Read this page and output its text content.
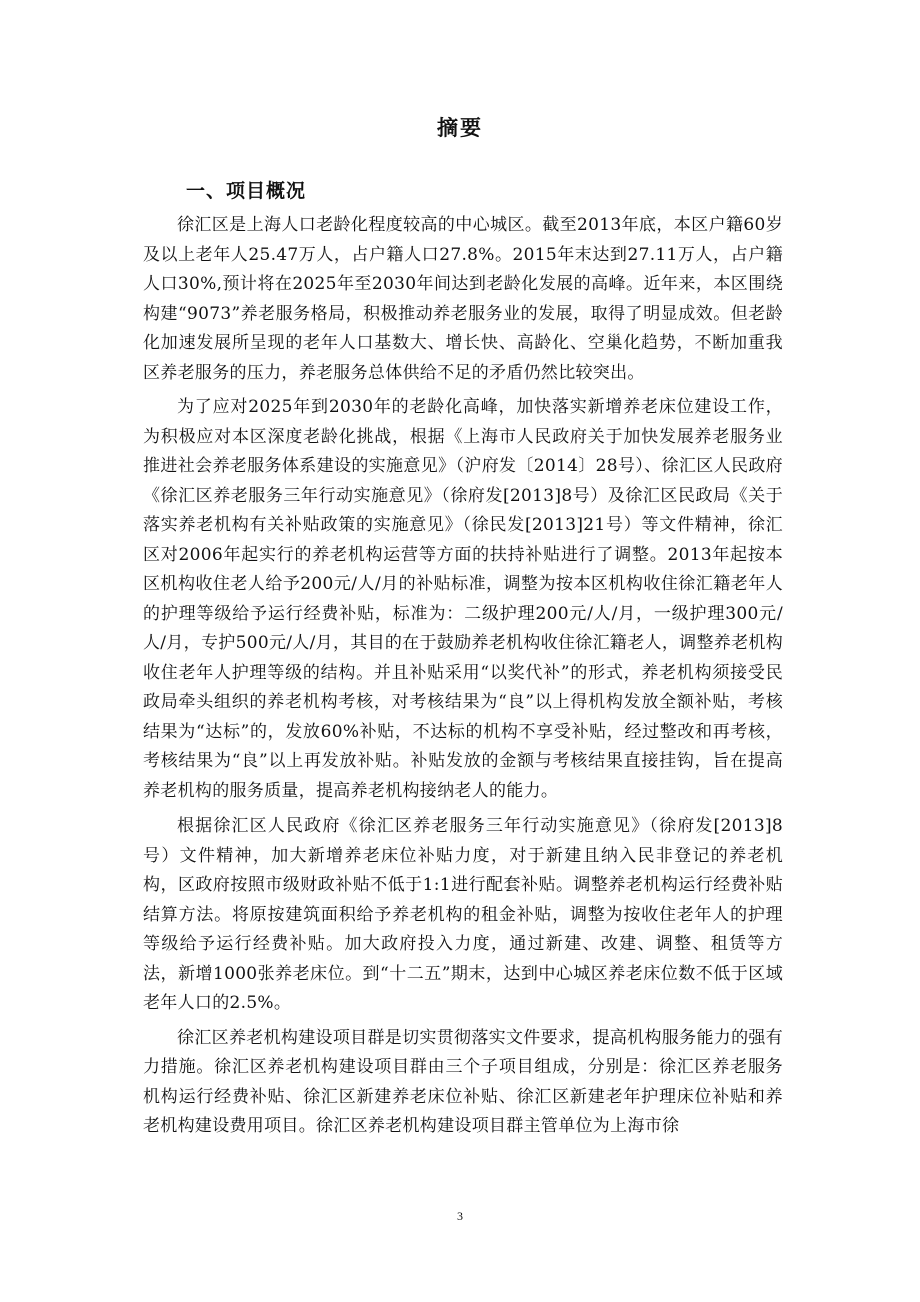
摘要
一、项目概况

徐汇区是上海人口老龄化程度较高的中心城区。截至2013年底，本区户籍60岁及以上老年人25.47万人，占户籍人口27.8%。2015年末达到27.11万人，占户籍人口30%,预计将在2025年至2030年间达到老龄化发展的高峰。近年来，本区围绕构建“9073”养老服务格局，积极推动养老服务业的发展，取得了明显成效。但老龄化加速发展所呈现的老年人口基数大、增长快、高龄化、空巢化趋势，不断加重我区养老服务的压力，养老服务总体供给不足的矛盾仍然比较突出。

为了应对2025年到2030年的老龄化高峰，加快落实新增养老床位建设工作，为积极应对本区深度老龄化挑战，根据《上海市人民政府关于加快发展养老服务业推进社会养老服务体系建设的实施意见》（沪府发〔2014〕28号）、徐汇区人民政府《徐汇区养老服务三年行动实施意见》（徐府发[2013]8号）及徐汇区民政局《关于落实养老机构有关补贴政策的实施意见》（徐民发[2013]21号）等文件精神，徐汇区对2006年起实行的养老机构运营等方面的扶持补贴进行了调整。2013年起按本区机构收住老人给予200元/人/月的补贴标准，调整为按本区机构收住徐汇籍老年人的护理等级给予运行经费补贴，标准为：二级护理200元/人/月，一级护理300元/人/月，专护500元/人/月，其目的在于鼓励养老机构收住徐汇籍老人，调整养老机构收住老年人护理等级的结构。并且补贴采用“以奖代补”的形式，养老机构须接受民政局牵头组织的养老机构考核，对考核结果为“良”以上得机构发放全额补贴，考核结果为“达标”的，发放60%补贴，不达标的机构不享受补贴，经过整改和再考核，考核结果为“良”以上再发放补贴。补贴发放的金额与考核结果直接挂钩，旨在提高养老机构的服务质量，提高养老机构接纳老人的能力。

根据徐汇区人民政府《徐汇区养老服务三年行动实施意见》（徐府发[2013]8号）文件精神，加大新增养老床位补贴力度，对于新建且纳入民非登记的养老机构，区政府按照市级财政补贴不低于1:1进行配套补贴。调整养老机构运行经费补贴结算方法。将原按建筑面积给予养老机构的租金补贴，调整为按收住老年人的护理等级给予运行经费补贴。加大政府投入力度，通过新建、改建、调整、租赁等方法，新增1000张养老床位。到“十二五”期末，达到中心城区养老床位数不低于区域老年人口的2.5%。

徐汇区养老机构建设项目群是切实贯彻落实文件要求，提高机构服务能力的强有力措施。徐汇区养老机构建设项目群由三个子项目组成，分别是：徐汇区养老服务机构运行经费补贴、徐汇区新建养老床位补贴、徐汇区新建老年护理床位补贴和养老机构建设费用项目。徐汇区养老机构建设项目群主管单位为上海市徐

3
